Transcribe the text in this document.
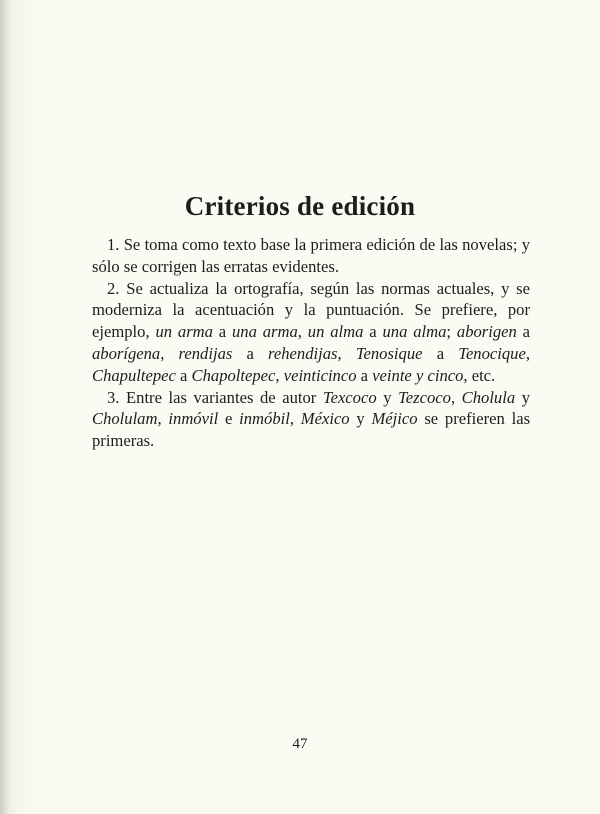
Criterios de edición

1. Se toma como texto base la primera edición de las novelas; y sólo se corrigen las erratas evidentes.

2. Se actualiza la ortografía, según las normas actuales, y se moderniza la acentuación y la puntuación. Se prefiere, por ejemplo, un arma a una arma, un alma a una alma; aborigen a aborígena, rendijas a rehendijas, Tenosique a Tenocique, Chapultepec a Chapoltepec, veinticinco a veinte y cinco, etc.

3. Entre las variantes de autor Texcoco y Tezcoco, Cholula y Cholulam, inmóvil e inmóbil, México y Méjico se prefieren las primeras.

47
